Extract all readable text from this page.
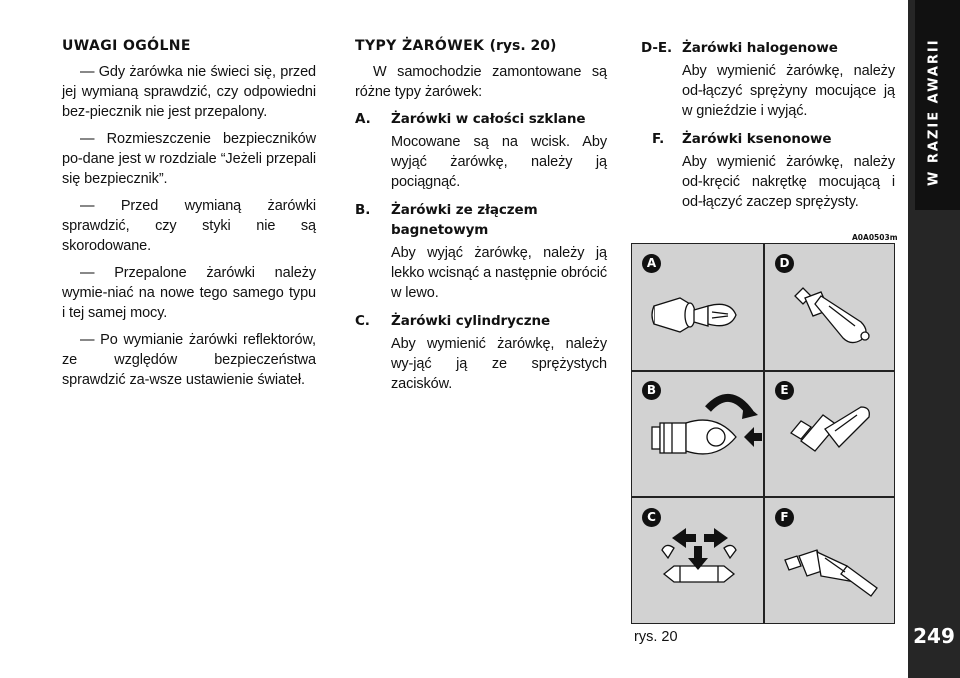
UWAGI OGÓLNE

— Gdy żarówka nie świeci się, przed jej wymianą sprawdzić, czy odpowiedni bez-piecznik nie jest przepalony.

— Rozmieszczenie bezpieczników po-dane jest w rozdziale “Jeżeli przepali się bezpiecznik”.

— Przed wymianą żarówki sprawdzić, czy styki nie są skorodowane.

— Przepalone żarówki należy wymie-niać na nowe tego samego typu i tej samej mocy.

— Po wymianie żarówki reflektorów, ze względów bezpieczeństwa sprawdzić za-wsze ustawienie świateł.

TYPY ŻARÓWEK (rys. 20)

W samochodzie zamontowane są różne typy żarówek:

A. Żarówki w całości szklane
Mocowane są na wcisk. Aby wyjąć żarówkę, należy ją pociągnąć.
B. Żarówki ze złączem bagnetowym
Aby wyjąć żarówkę, należy ją lekko wcisnąć a następnie obrócić w lewo.
C. Żarówki cylindryczne
Aby wymienić żarówkę, należy wy-jąć ją ze sprężystych zacisków.
D-E. Żarówki halogenowe
Aby wymienić żarówkę, należy od-łączyć sprężyny mocujące ją w gnieździe i wyjąć.
F. Żarówki ksenonowe
Aby wymienić żarówkę, należy od-kręcić nakrętkę mocującą i od-łączyć zaczep sprężysty.
A0A0503m
A	D
B	E
C	F
rys. 20
W RAZIE AWARII
249
